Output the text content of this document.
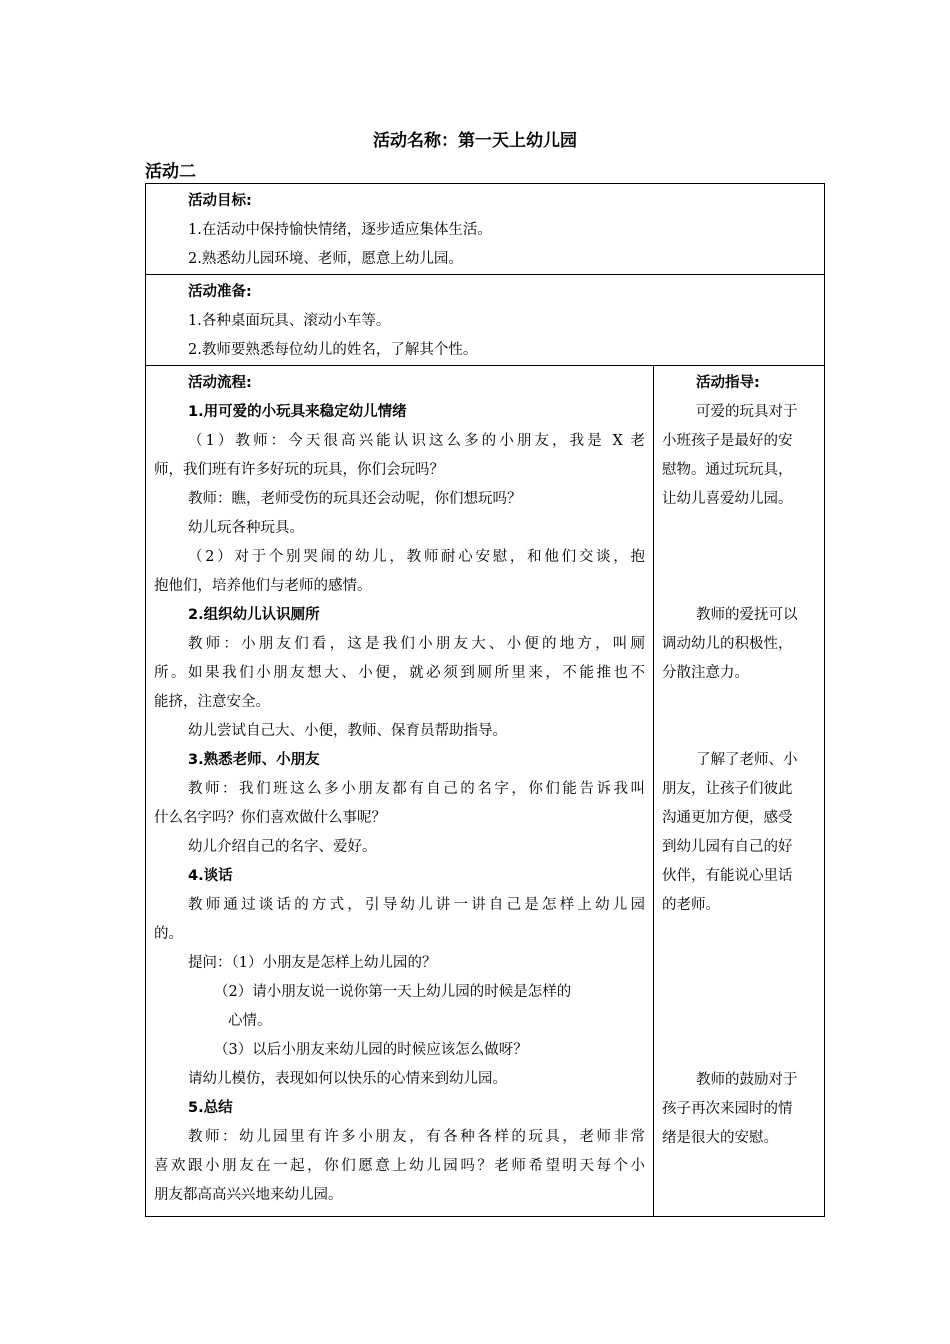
活动名称：第一天上幼儿园
活动二
活动目标:
1.在活动中保持愉快情绪，逐步适应集体生活。
2.熟悉幼儿园环境、老师，愿意上幼儿园。
活动准备:
1.各种桌面玩具、滚动小车等。
2.教师要熟悉每位幼儿的姓名，了解其个性。
活动流程:
1.用可爱的小玩具来稳定幼儿情绪
（1）教师：今天很高兴能认识这么多的小朋友，我是 X 老
师，我们班有许多好玩的玩具，你们会玩吗？
教师：瞧，老师受伤的玩具还会动呢，你们想玩吗？
幼儿玩各种玩具。
（2）对于个别哭闹的幼儿，教师耐心安慰，和他们交谈，抱
抱他们，培养他们与老师的感情。
2.组织幼儿认识厕所
教师：小朋友们看，这是我们小朋友大、小便的地方，叫厕
所。如果我们小朋友想大、小便，就必须到厕所里来，不能推也不
能挤，注意安全。
幼儿尝试自己大、小便，教师、保育员帮助指导。
3.熟悉老师、小朋友
教师：我们班这么多小朋友都有自己的名字，你们能告诉我叫
什么名字吗？你们喜欢做什么事呢？
幼儿介绍自己的名字、爱好。
4.谈话
教师通过谈话的方式，引导幼儿讲一讲自己是怎样上幼儿园
的。
提问：（1）小朋友是怎样上幼儿园的？
（2）请小朋友说一说你第一天上幼儿园的时候是怎样的
心情。
（3）以后小朋友来幼儿园的时候应该怎么做呀？
请幼儿模仿，表现如何以快乐的心情来到幼儿园。
5.总结
教师：幼儿园里有许多小朋友，有各种各样的玩具，老师非常
喜欢跟小朋友在一起，你们愿意上幼儿园吗？老师希望明天每个小
朋友都高高兴兴地来幼儿园。
活动指导:
可爱的玩具对于
小班孩子是最好的安
慰物。通过玩玩具，
让幼儿喜爱幼儿园。
教师的爱抚可以
调动幼儿的积极性，
分散注意力。
了解了老师、小
朋友，让孩子们彼此
沟通更加方便，感受
到幼儿园有自己的好
伙伴，有能说心里话
的老师。
教师的鼓励对于
孩子再次来园时的情
绪是很大的安慰。
